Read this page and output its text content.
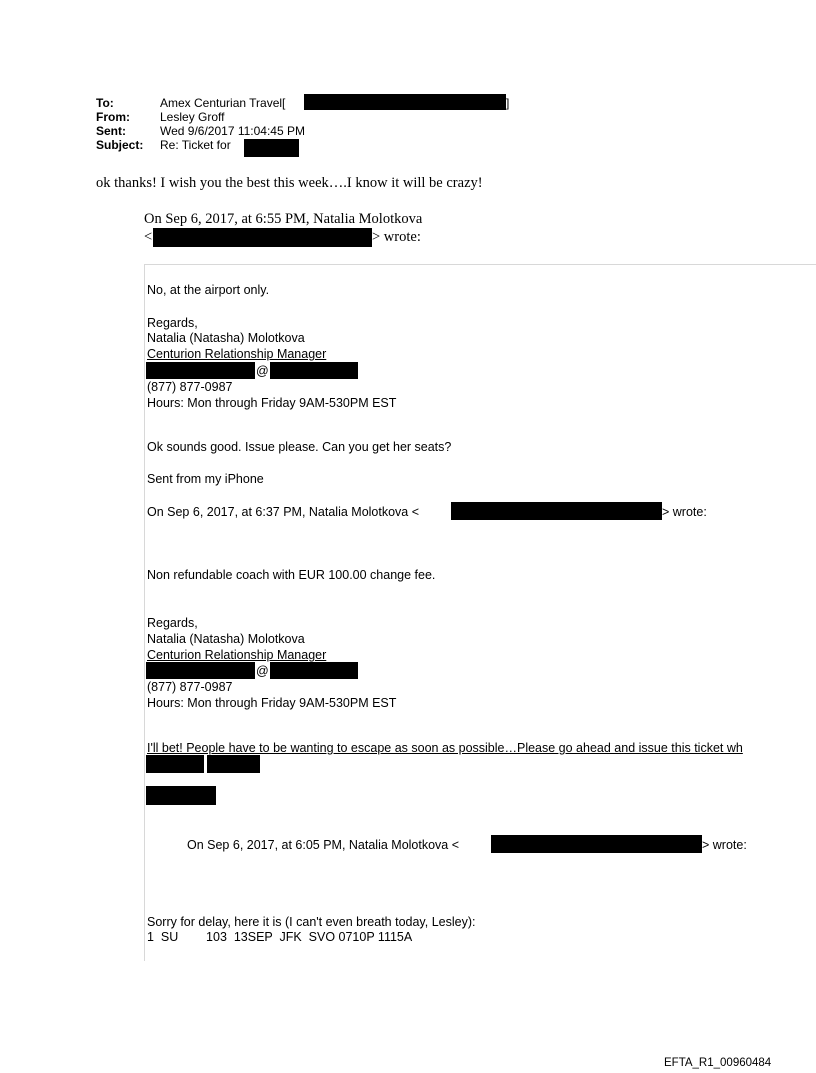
To:	Amex Centurian Travel[	]
From:	Lesley Groff
Sent:	Wed 9/6/2017 11:04:45 PM
Subject: Re: Ticket for
ok thanks! I wish you the best this week….I know it will be crazy!
On Sep 6, 2017, at 6:55 PM, Natalia Molotkova
<	> wrote:
No, at the airport only.
Regards,
Natalia (Natasha) Molotkova
Centurion Relationship Manager
@
(877) 877-0987
Hours: Mon through Friday 9AM-530PM EST
Ok sounds good. Issue please. Can you get her seats?
Sent from my iPhone
On Sep 6, 2017, at 6:37 PM, Natalia Molotkova <	> wrote:
Non refundable coach with EUR 100.00 change fee.
Regards,
Natalia (Natasha) Molotkova
Centurion Relationship Manager
@
(877) 877-0987
Hours: Mon through Friday 9AM-530PM EST
I'll bet! People have to be wanting to escape as soon as possible…Please go ahead and issue this ticket wh
On Sep 6, 2017, at 6:05 PM, Natalia Molotkova <	> wrote:
Sorry for delay, here it is (I can't even breath today, Lesley):
1  SU        103  13SEP  JFK  SVO 0710P 1115A
EFTA_R1_00960484
